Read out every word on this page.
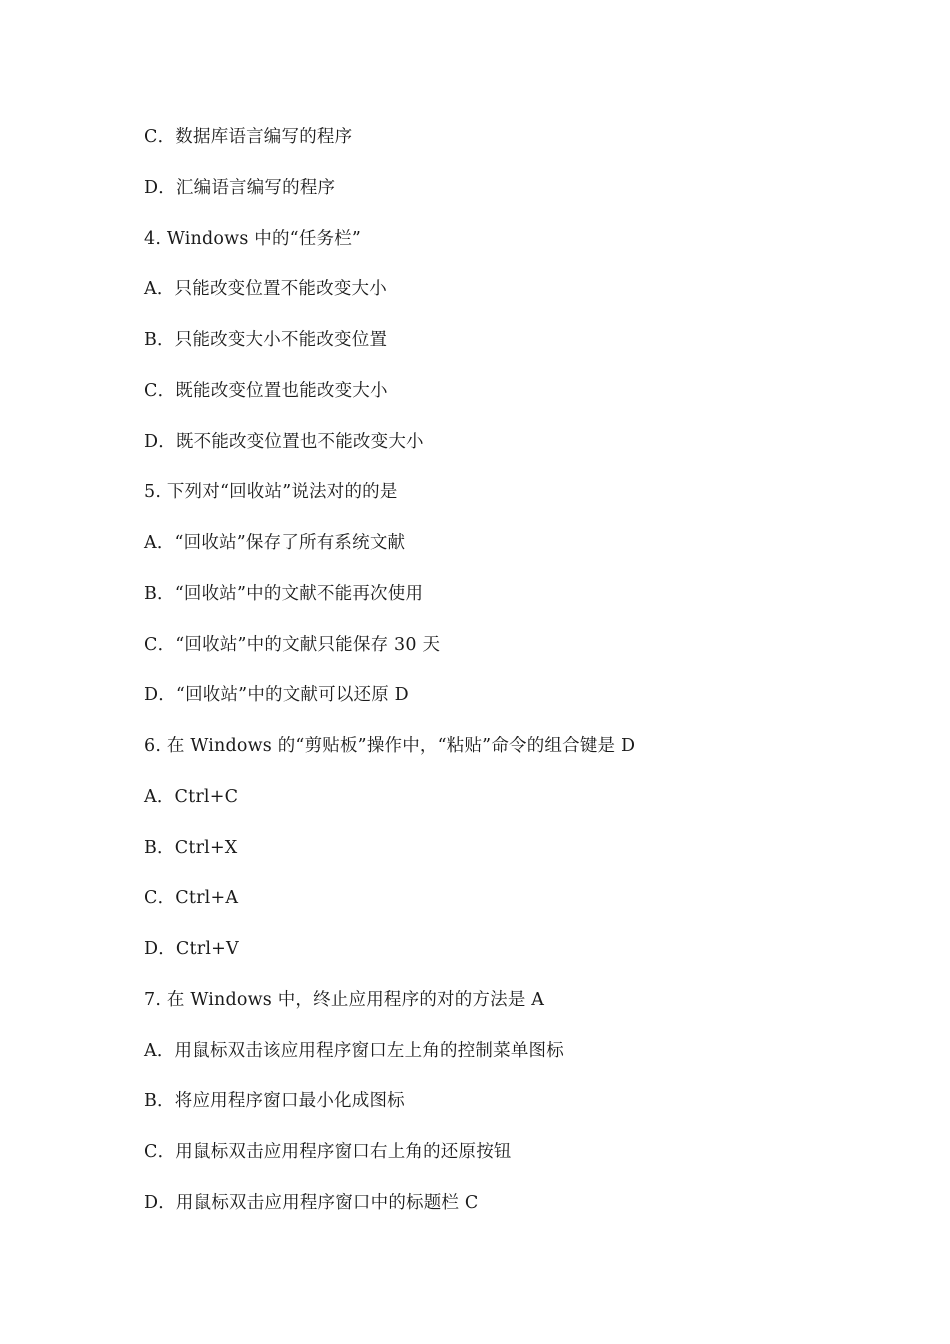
C．数据库语言编写的程序
D．汇编语言编写的程序
4. Windows 中的“任务栏”
A．只能改变位置不能改变大小
B．只能改变大小不能改变位置
C．既能改变位置也能改变大小
D．既不能改变位置也不能改变大小
5. 下列对“回收站”说法对的的是
A．“回收站”保存了所有系统文献
B．“回收站”中的文献不能再次使用
C．“回收站”中的文献只能保存 30 天
D．“回收站”中的文献可以还原 D
6. 在 Windows 的“剪贴板”操作中，“粘贴”命令的组合键是 D
A．Ctrl+C
B．Ctrl+X
C．Ctrl+A
D．Ctrl+V
7. 在 Windows 中，终止应用程序的对的方法是 A
A．用鼠标双击该应用程序窗口左上角的控制菜单图标
B．将应用程序窗口最小化成图标
C．用鼠标双击应用程序窗口右上角的还原按钮
D．用鼠标双击应用程序窗口中的标题栏 C
